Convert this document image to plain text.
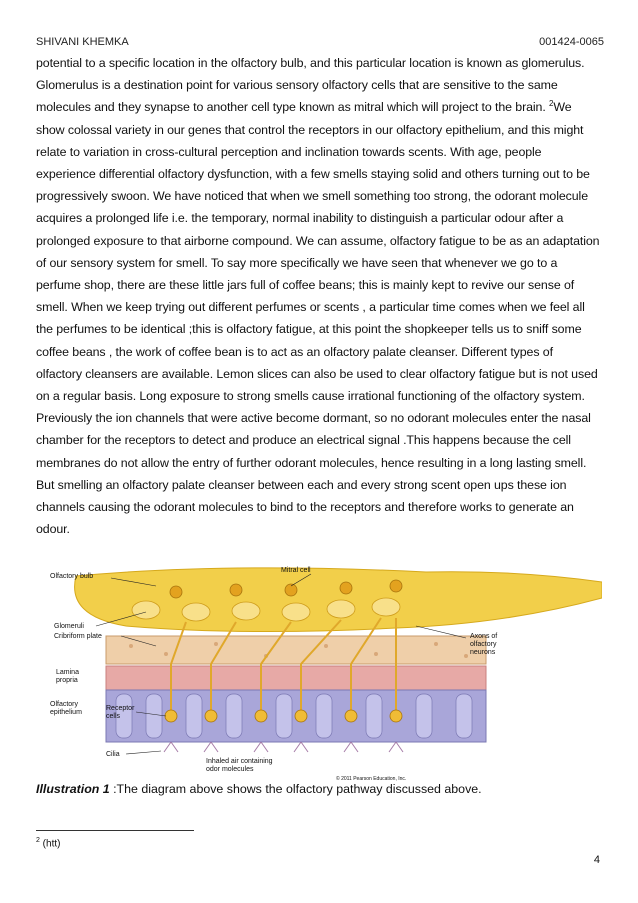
SHIVANI KHEMKA	001424-0065

potential to a specific location in the olfactory bulb, and this particular location is known as glomerulus. Glomerulus is a destination point for various sensory olfactory cells that are sensitive to the same molecules and they synapse to another cell type known as mitral which will project to the brain. $^2$We show colossal variety in our genes that control the receptors in our olfactory epithelium, and this might relate to variation in cross-cultural perception and inclination towards scents. With age, people experience differential olfactory dysfunction, with a few smells staying solid and others turning out to be progressively swoon. We have noticed that when we smell something too strong, the odorant molecule acquires a prolonged life i.e. the temporary, normal inability to distinguish a particular odour after a prolonged exposure to that airborne compound. We can assume, olfactory fatigue to be as an adaptation of our sensory system for smell. To say more specifically we have seen that whenever we go to a perfume shop, there are these little jars full of coffee beans; this is mainly kept to revive our sense of smell. When we keep trying out different perfumes or scents , a particular time comes when we feel all the perfumes to be identical ;this is olfactory fatigue, at this point the shopkeeper tells us to sniff some coffee beans , the work of coffee bean is to act as an olfactory palate cleanser. Different types of olfactory cleansers are available. Lemon slices can also be used to clear olfactory fatigue but is not used on a regular basis. Long exposure to strong smells cause irrational functioning of the olfactory system. Previously the ion channels that were active become dormant, so no odorant molecules enter the nasal chamber for the receptors to detect and produce an electrical signal .This happens because the cell membranes do not allow the entry of further odorant molecules, hence resulting in a long lasting smell. But smelling an olfactory palate cleanser between each and every strong scent open ups these ion channels causing the odorant molecules to bind to the receptors and therefore works to generate an odour.

Olfactory bulb
Mitral cell
Glomeruli
Cribriform plate	Axons of
olfactory
neurons
Lamina
propria
Olfactory
epithelium
Receptor
cells
Cilia
Inhaled air containing
odor molecules
© 2011 Pearson Education, Inc.
Illustration 1 :The diagram above shows the olfactory pathway discussed above.
$^2$ (htt)
4
